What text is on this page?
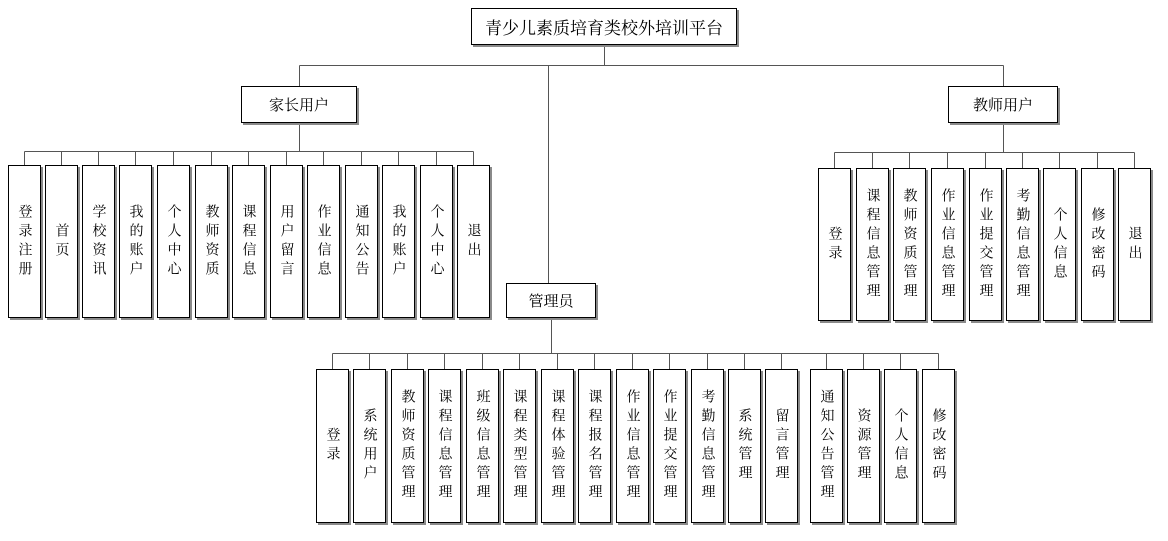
青少儿素质培育类校外培训平台
家长用户	教师用户
管理员
登录注册 首页 学校资讯 我的账户 个人中心 教师资质 课程信息 用户留言 作业信息 通知公告 我的账户 个人中心 退出	登录 课程信息管理 教师资质管理 作业信息管理 作业提交管理 考勤信息管理 个人信息 修改密码 退出
登录 系统用户 教师资质管理 课程信息管理 班级信息管理 课程类型管理 课程体验管理 课程报名管理 作业信息管理 作业提交管理 考勤信息管理 系统管理 留言管理 通知公告管理 资源管理 个人信息 修改密码
